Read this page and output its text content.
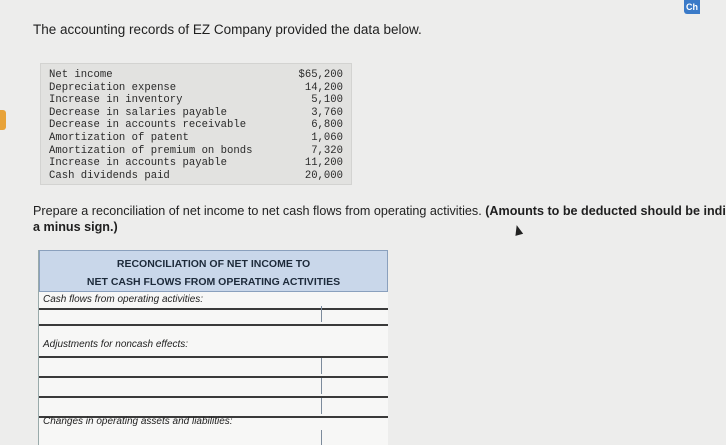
Ch
The accounting records of EZ Company provided the data below.
Net income	$65,200
Depreciation expense	14,200
Increase in inventory	5,100
Decrease in salaries payable	3,760
Decrease in accounts receivable	6,800
Amortization of patent	1,060
Amortization of premium on bonds	7,320
Increase in accounts payable	11,200
Cash dividends paid	20,000
Prepare a reconciliation of net income to net cash flows from operating activities. (Amounts to be deducted should be indi
a minus sign.)
RECONCILIATION OF NET INCOME TO
NET CASH FLOWS FROM OPERATING ACTIVITIES
Cash flows from operating activities:
Adjustments for noncash effects:
Changes in operating assets and liabilities:
